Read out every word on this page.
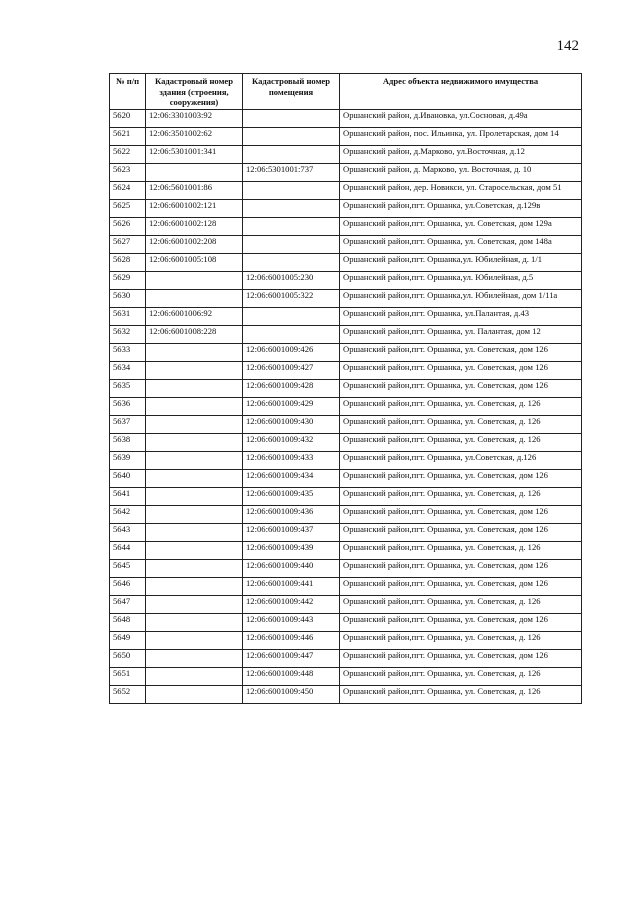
142
№ п/п	Кадастровый номер здания (строения, сооружения)	Кадастровый номер помещения	Адрес объекта недвижимого имущества
5620	12:06:3301003:92		Оршанский район, д.Ивановка, ул.Сосновая, д.49а
5621	12:06:3501002:62		Оршанский район, пос. Ильинка, ул. Пролетарская, дом 14
5622	12:06:5301001:341		Оршанский район, д.Марково, ул.Восточная, д.12
5623		12:06:5301001:737	Оршанский район, д. Марково, ул. Восточная, д. 10
5624	12:06:5601001:86		Оршанский район, дер. Новикси, ул. Старосельская, дом 51
5625	12:06:6001002:121		Оршанский район,пгт. Оршанка, ул.Советская, д.129в
5626	12:06:6001002:128		Оршанский район,пгт. Оршанка, ул. Советская, дом 129а
5627	12:06:6001002:208		Оршанский район,пгт. Оршанка, ул. Советская, дом 148а
5628	12:06:6001005:108		Оршанский район,пгт. Оршанка,ул. Юбилейная, д. 1/1
5629		12:06:6001005:230	Оршанский район,пгт. Оршанка,ул. Юбилейная, д.5
5630		12:06:6001005:322	Оршанский район,пгт. Оршанка,ул. Юбилейная, дом 1/11а
5631	12:06:6001006:92		Оршанский район,пгт. Оршанка, ул.Палантая, д.43
5632	12:06:6001008:228		Оршанский район,пгт. Оршанка, ул. Палантая, дом 12
5633		12:06:6001009:426	Оршанский район,пгт. Оршанка, ул. Советская, дом 126
5634		12:06:6001009:427	Оршанский район,пгт. Оршанка, ул. Советская, дом 126
5635		12:06:6001009:428	Оршанский район,пгт. Оршанка, ул. Советская, дом 126
5636		12:06:6001009:429	Оршанский район,пгт. Оршанка, ул. Советская, д. 126
5637		12:06:6001009:430	Оршанский район,пгт. Оршанка, ул. Советская, д. 126
5638		12:06:6001009:432	Оршанский район,пгт. Оршанка, ул. Советская, д. 126
5639		12:06:6001009:433	Оршанский район,пгт. Оршанка, ул.Советская, д.126
5640		12:06:6001009:434	Оршанский район,пгт. Оршанка, ул. Советская, дом 126
5641		12:06:6001009:435	Оршанский район,пгт. Оршанка, ул. Советская, д. 126
5642		12:06:6001009:436	Оршанский район,пгт. Оршанка, ул. Советская, дом 126
5643		12:06:6001009:437	Оршанский район,пгт. Оршанка, ул. Советская, дом 126
5644		12:06:6001009:439	Оршанский район,пгт. Оршанка, ул. Советская, д. 126
5645		12:06:6001009:440	Оршанский район,пгт. Оршанка, ул. Советская, дом 126
5646		12:06:6001009:441	Оршанский район,пгт. Оршанка, ул. Советская, дом 126
5647		12:06:6001009:442	Оршанский район,пгт. Оршанка, ул. Советская, д. 126
5648		12:06:6001009:443	Оршанский район,пгт. Оршанка, ул. Советская, дом 126
5649		12:06:6001009:446	Оршанский район,пгт. Оршанка, ул. Советская, д. 126
5650		12:06:6001009:447	Оршанский район,пгт. Оршанка, ул. Советская, дом 126
5651		12:06:6001009:448	Оршанский район,пгт. Оршанка, ул. Советская, д. 126
5652		12:06:6001009:450	Оршанский район,пгт. Оршанка, ул. Советская, д. 126
